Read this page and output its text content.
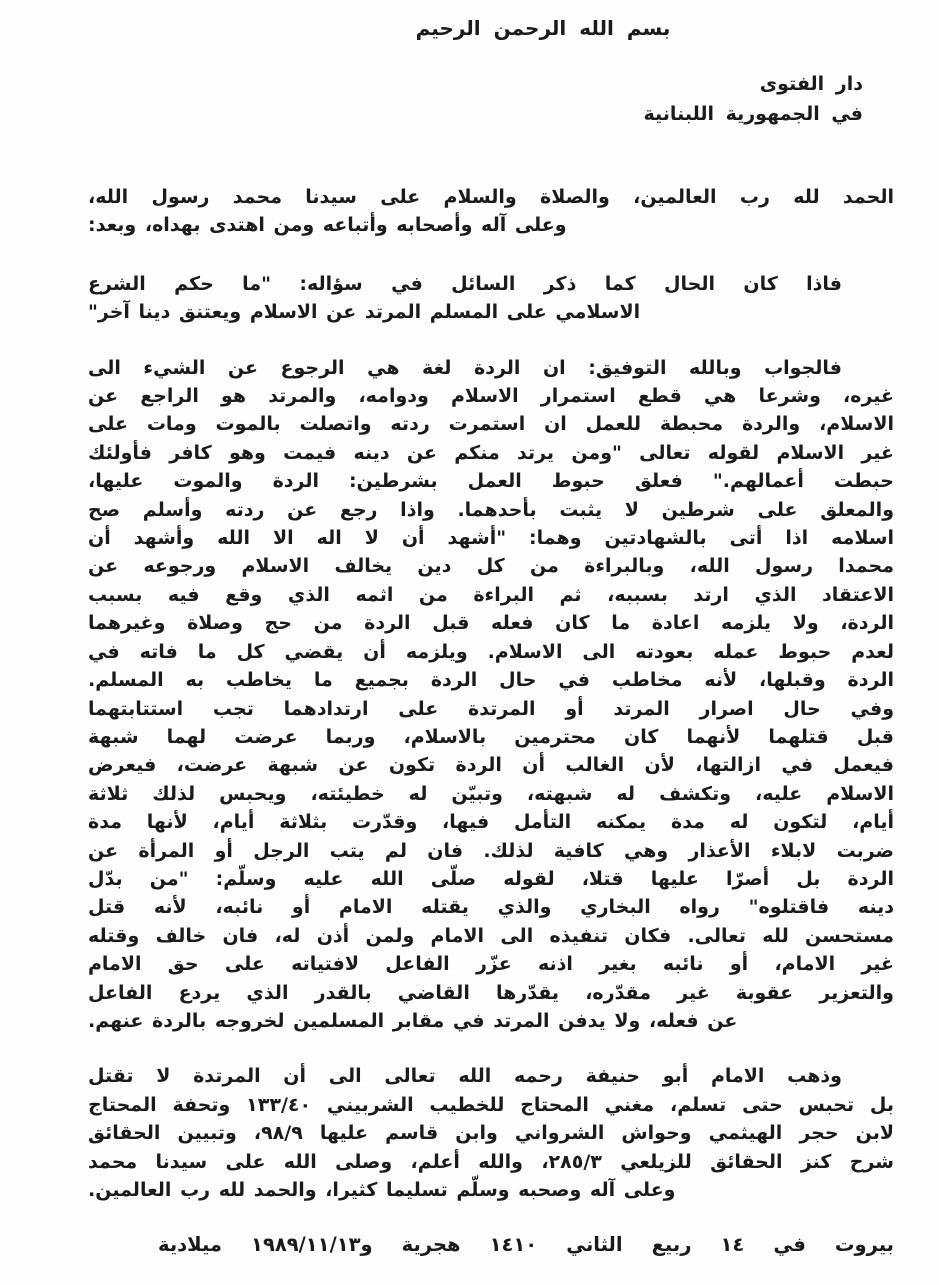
بسم الله الرحمن الرحيم
دار الفتوى
في الجمهورية اللبنانية
الحمد لله رب العالمين، والصلاة والسلام على سيدنا محمد رسول الله،
وعلى آله وأصحابه وأتباعه ومن اهتدى بهداه، وبعد:
فاذا كان الحال كما ذكر السائل في سؤاله: "ما حكم الشرع
الاسلامي على المسلم المرتد عن الاسلام ويعتنق دينا آخر"
فالجواب وبالله التوفيق: ان الردة لغة هي الرجوع عن الشيء الى
غيره، وشرعا هي قطع استمرار الاسلام ودوامه، والمرتد هو الراجع عن
الاسلام، والردة محبطة للعمل ان استمرت ردته واتصلت بالموت ومات على
غير الاسلام لقوله تعالى "ومن يرتد منكم عن دينه فيمت وهو كافر فأولئك
حبطت أعمالهم." فعلق حبوط العمل بشرطين: الردة والموت عليها،
والمعلق على شرطين لا يثبت بأحدهما. واذا رجع عن ردته وأسلم صح
اسلامه اذا أتى بالشهادتين وهما: "أشهد أن لا اله الا الله وأشهد أن
محمدا رسول الله، وبالبراءة من كل دين يخالف الاسلام ورجوعه عن
الاعتقاد الذي ارتد بسببه، ثم البراءة من اثمه الذي وقع فيه بسبب
الردة، ولا يلزمه اعادة ما كان فعله قبل الردة من حج وصلاة وغيرهما
لعدم حبوط عمله بعودته الى الاسلام. ويلزمه أن يقضي كل ما فاته في
الردة وقبلها، لأنه مخاطب في حال الردة بجميع ما يخاطب به المسلم.
وفي حال اصرار المرتد أو المرتدة على ارتدادهما تجب استتابتهما
قبل قتلهما لأنهما كان محترمين بالاسلام، وربما عرضت لهما شبهة
فيعمل في ازالتها، لأن الغالب أن الردة تكون عن شبهة عرضت، فيعرض
الاسلام عليه، وتكشف له شبهته، وتبيّن له خطيئته، ويحبس لذلك ثلاثة
أيام، لتكون له مدة يمكنه التأمل فيها، وقدّرت بثلاثة أيام، لأنها مدة
ضربت لابلاء الأعذار وهي كافية لذلك. فان لم يتب الرجل أو المرأة عن
الردة بل أصرّا عليها قتلا، لقوله صلّى الله عليه وسلّم: "من بدّل
دينه فاقتلوه" رواه البخاري والذي يقتله الامام أو نائبه، لأنه قتل
مستحسن لله تعالى. فكان تنفيذه الى الامام ولمن أذن له، فان خالف وقتله
غير الامام، أو نائبه بغير اذنه عزّر الفاعل لافتياته على حق الامام
والتعزير عقوبة غير مقدّره، يقدّرها القاضي بالقدر الذي يردع الفاعل
عن فعله، ولا يدفن المرتد في مقابر المسلمين لخروجه بالردة عنهم.
وذهب الامام أبو حنيفة رحمه الله تعالى الى أن المرتدة لا تقتل
بل تحبس حتى تسلم، مغني المحتاج للخطيب الشربيني ١٣٣/٤٠ وتحفة المحتاج
لابن حجر الهيثمي وحواش الشرواني وابن قاسم عليها ٩٨/٩، وتبيين الحقائق
شرح كنز الحقائق للزيلعي ٢٨٥/٣، والله أعلم، وصلى الله على سيدنا محمد
وعلى آله وصحبه وسلّم تسليما كثيرا، والحمد لله رب العالمين.
بيروت في ١٤ ربيع الثاني ١٤١٠ هجرية و١٩٨٩/١١/١٣ ميلادية
